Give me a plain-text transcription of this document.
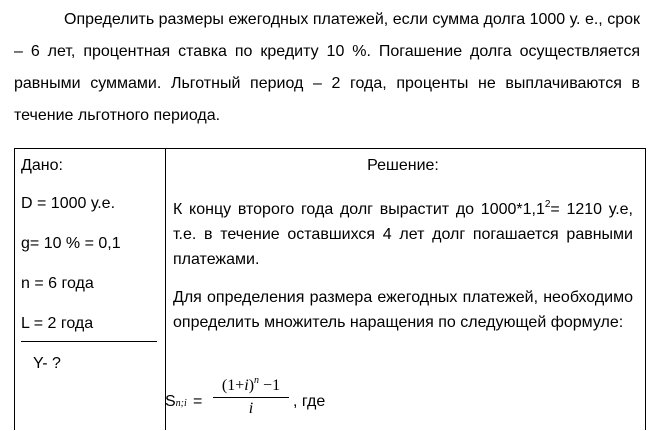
Определить размеры ежегодных платежей, если сумма долга 1000 у. е., срок – 6 лет, процентная ставка по кредиту 10 %. Погашение долга осуществляется равными суммами. Льготный период – 2 года, проценты не выплачиваются в течение льготного периода.

Дано:
D = 1000 у.е.
g= 10 % = 0,1
n = 6 года
L = 2 года
Y- ?
Решение:

К концу второго года долг вырастит до $1000*1,1^2= 1210$ у.е, т.е. в течение оставшихся 4 лет долг погашается равными платежами.

Для определения размера ежегодных платежей, необходимо определить множитель наращения по следующей формуле:

Sn;i =
$(1+i)^n -1$
i	, где
